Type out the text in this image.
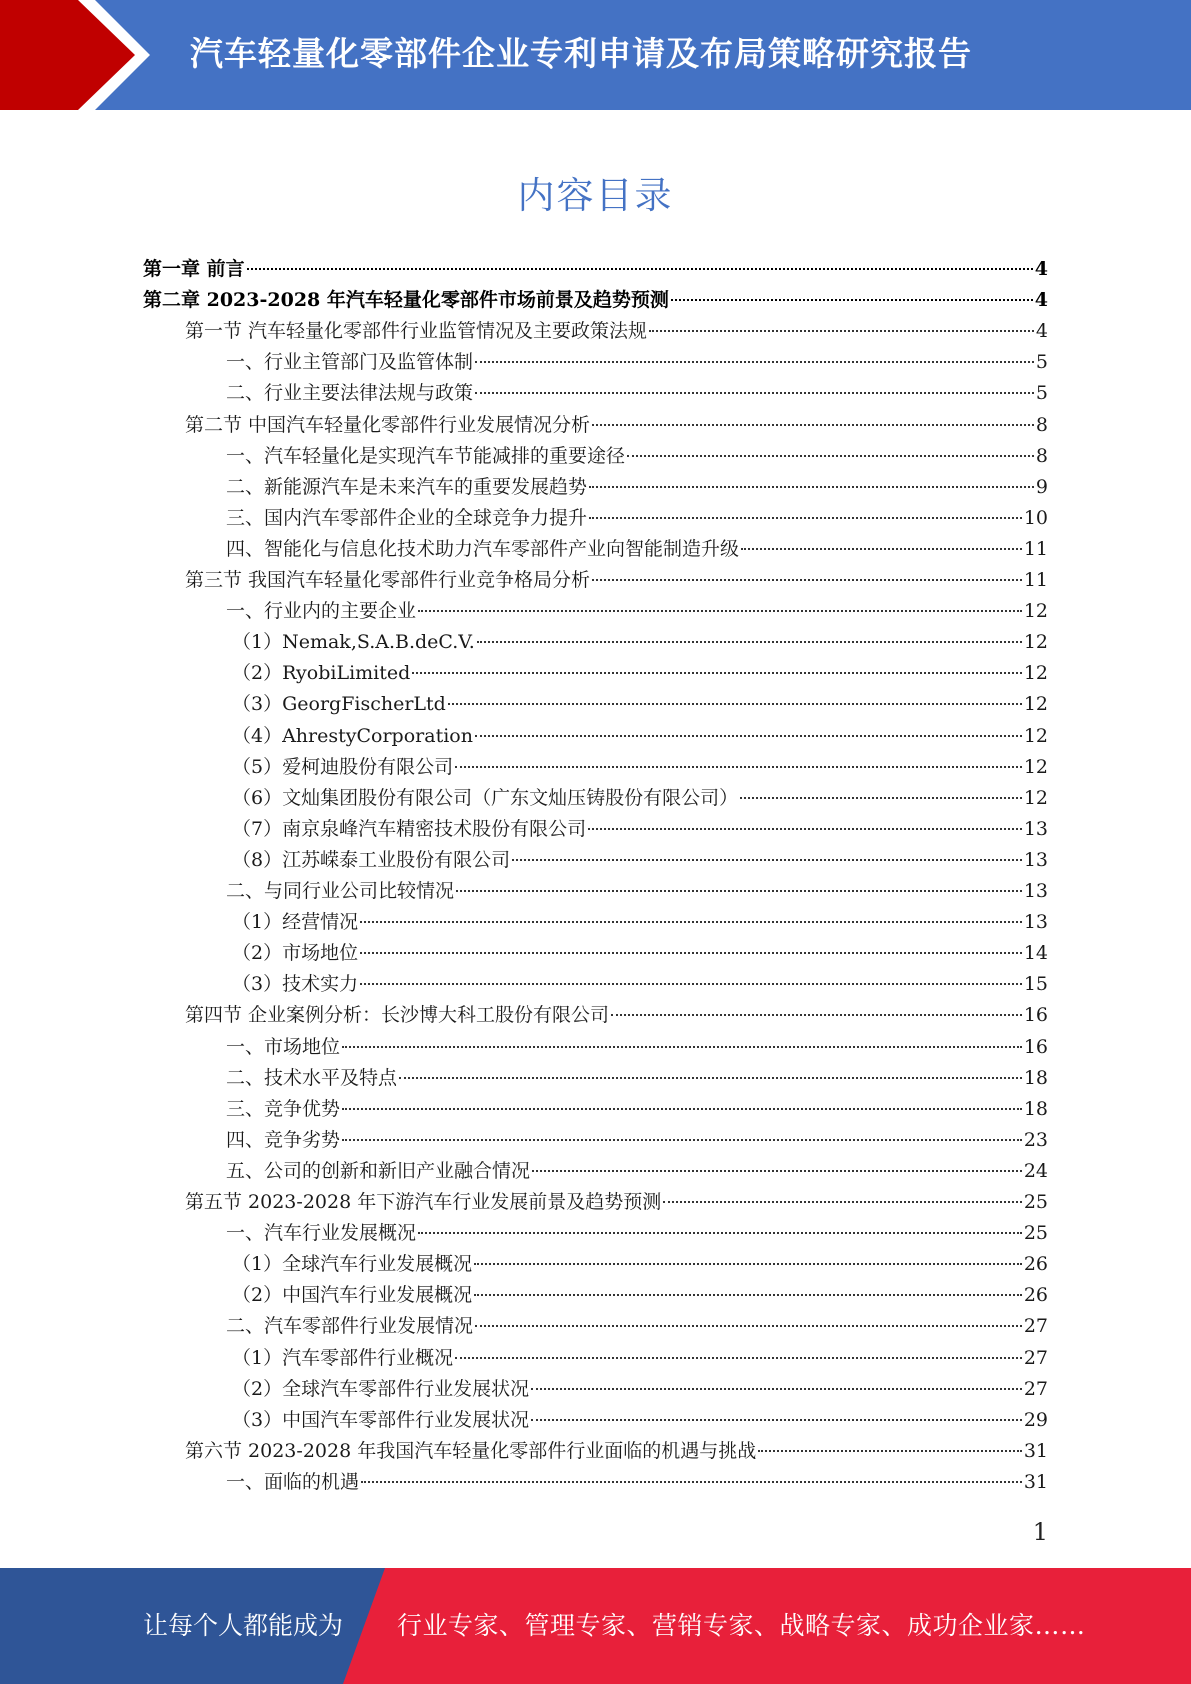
汽车轻量化零部件企业专利申请及布局策略研究报告
内容目录
第一章 前言	4
第二章 2023-2028 年汽车轻量化零部件市场前景及趋势预测	4
第一节 汽车轻量化零部件行业监管情况及主要政策法规	4
一、行业主管部门及监管体制	5
二、行业主要法律法规与政策	5
第二节 中国汽车轻量化零部件行业发展情况分析	8
一、汽车轻量化是实现汽车节能减排的重要途径	8
二、新能源汽车是未来汽车的重要发展趋势	9
三、国内汽车零部件企业的全球竞争力提升	10
四、智能化与信息化技术助力汽车零部件产业向智能制造升级	11
第三节 我国汽车轻量化零部件行业竞争格局分析	11
一、行业内的主要企业	12
（1）Nemak,S.A.B.deC.V.	12
（2）RyobiLimited	12
（3）GeorgFischerLtd	12
（4）AhrestyCorporation	12
（5）爱柯迪股份有限公司	12
（6）文灿集团股份有限公司（广东文灿压铸股份有限公司）	12
（7）南京泉峰汽车精密技术股份有限公司	13
（8）江苏嵘泰工业股份有限公司	13
二、与同行业公司比较情况	13
（1）经营情况	13
（2）市场地位	14
（3）技术实力	15
第四节 企业案例分析：长沙博大科工股份有限公司	16
一、市场地位	16
二、技术水平及特点	18
三、竞争优势	18
四、竞争劣势	23
五、公司的创新和新旧产业融合情况	24
第五节 2023-2028 年下游汽车行业发展前景及趋势预测	25
一、汽车行业发展概况	25
（1）全球汽车行业发展概况	26
（2）中国汽车行业发展概况	26
二、汽车零部件行业发展情况	27
（1）汽车零部件行业概况	27
（2）全球汽车零部件行业发展状况	27
（3）中国汽车零部件行业发展状况	29
第六节 2023-2028 年我国汽车轻量化零部件行业面临的机遇与挑战	31
一、面临的机遇	31
1
让每个人都能成为 行业专家、管理专家、营销专家、战略专家、成功企业家……
